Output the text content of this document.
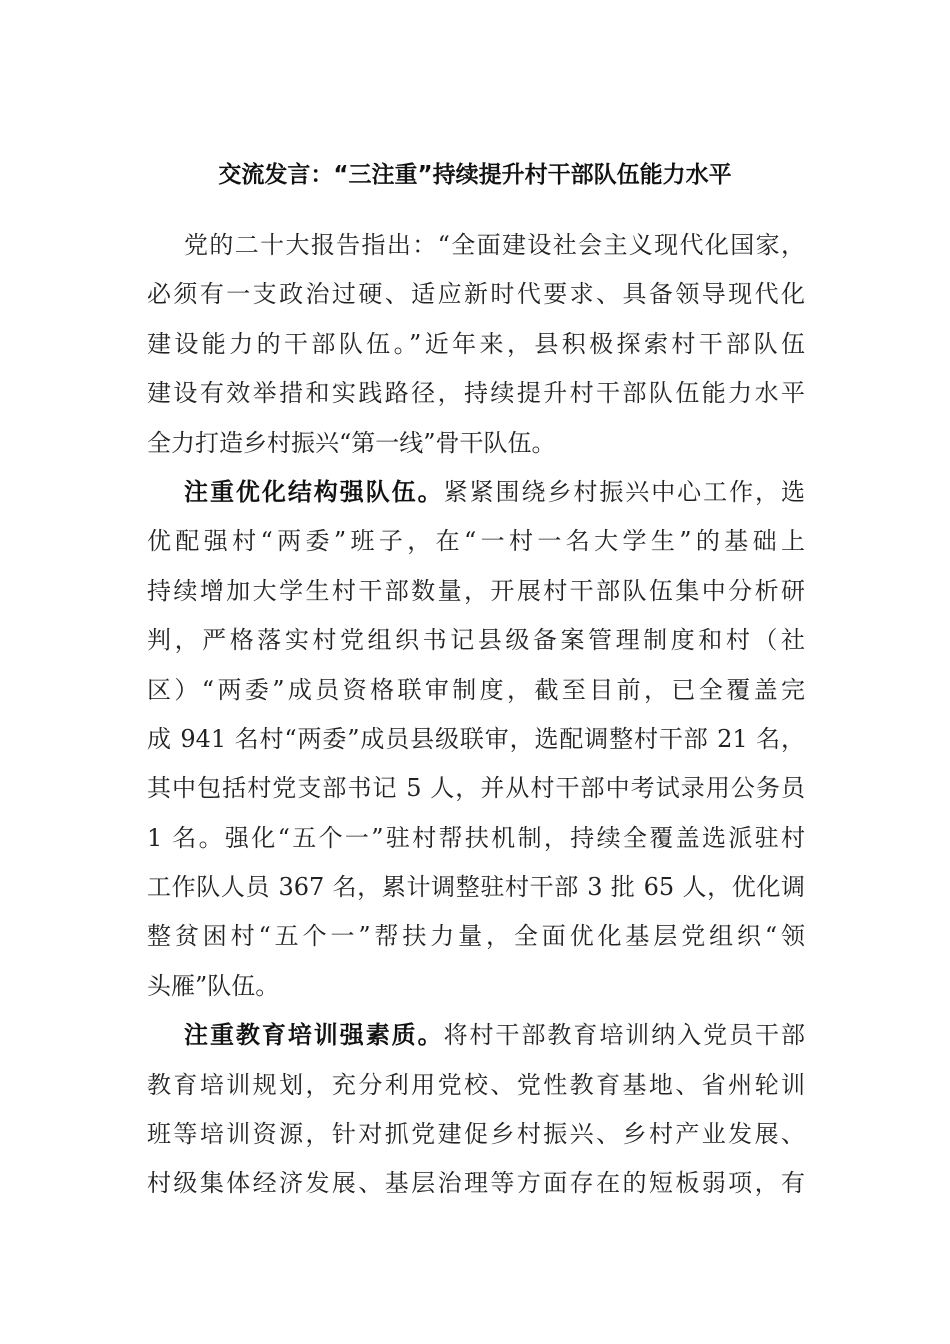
交流发言：“三注重”持续提升村干部队伍能力水平
党的二十大报告指出：“全面建设社会主义现代化国家，
必须有一支政治过硬、适应新时代要求、具备领导现代化
建设能力的干部队伍。”近年来，县积极探索村干部队伍
建设有效举措和实践路径，持续提升村干部队伍能力水平
全力打造乡村振兴“第一线”骨干队伍。
注重优化结构强队伍。紧紧围绕乡村振兴中心工作，选
优配强村“两委”班子，在“一村一名大学生”的基础上
持续增加大学生村干部数量，开展村干部队伍集中分析研
判，严格落实村党组织书记县级备案管理制度和村（社
区）“两委”成员资格联审制度，截至目前，已全覆盖完
成 941 名村“两委”成员县级联审，选配调整村干部 21 名，
其中包括村党支部书记 5 人，并从村干部中考试录用公务员
1 名。强化“五个一”驻村帮扶机制，持续全覆盖选派驻村
工作队人员 367 名，累计调整驻村干部 3 批 65 人，优化调
整贫困村“五个一”帮扶力量，全面优化基层党组织“领
头雁”队伍。
注重教育培训强素质。将村干部教育培训纳入党员干部
教育培训规划，充分利用党校、党性教育基地、省州轮训
班等培训资源，针对抓党建促乡村振兴、乡村产业发展、
村级集体经济发展、基层治理等方面存在的短板弱项，有
